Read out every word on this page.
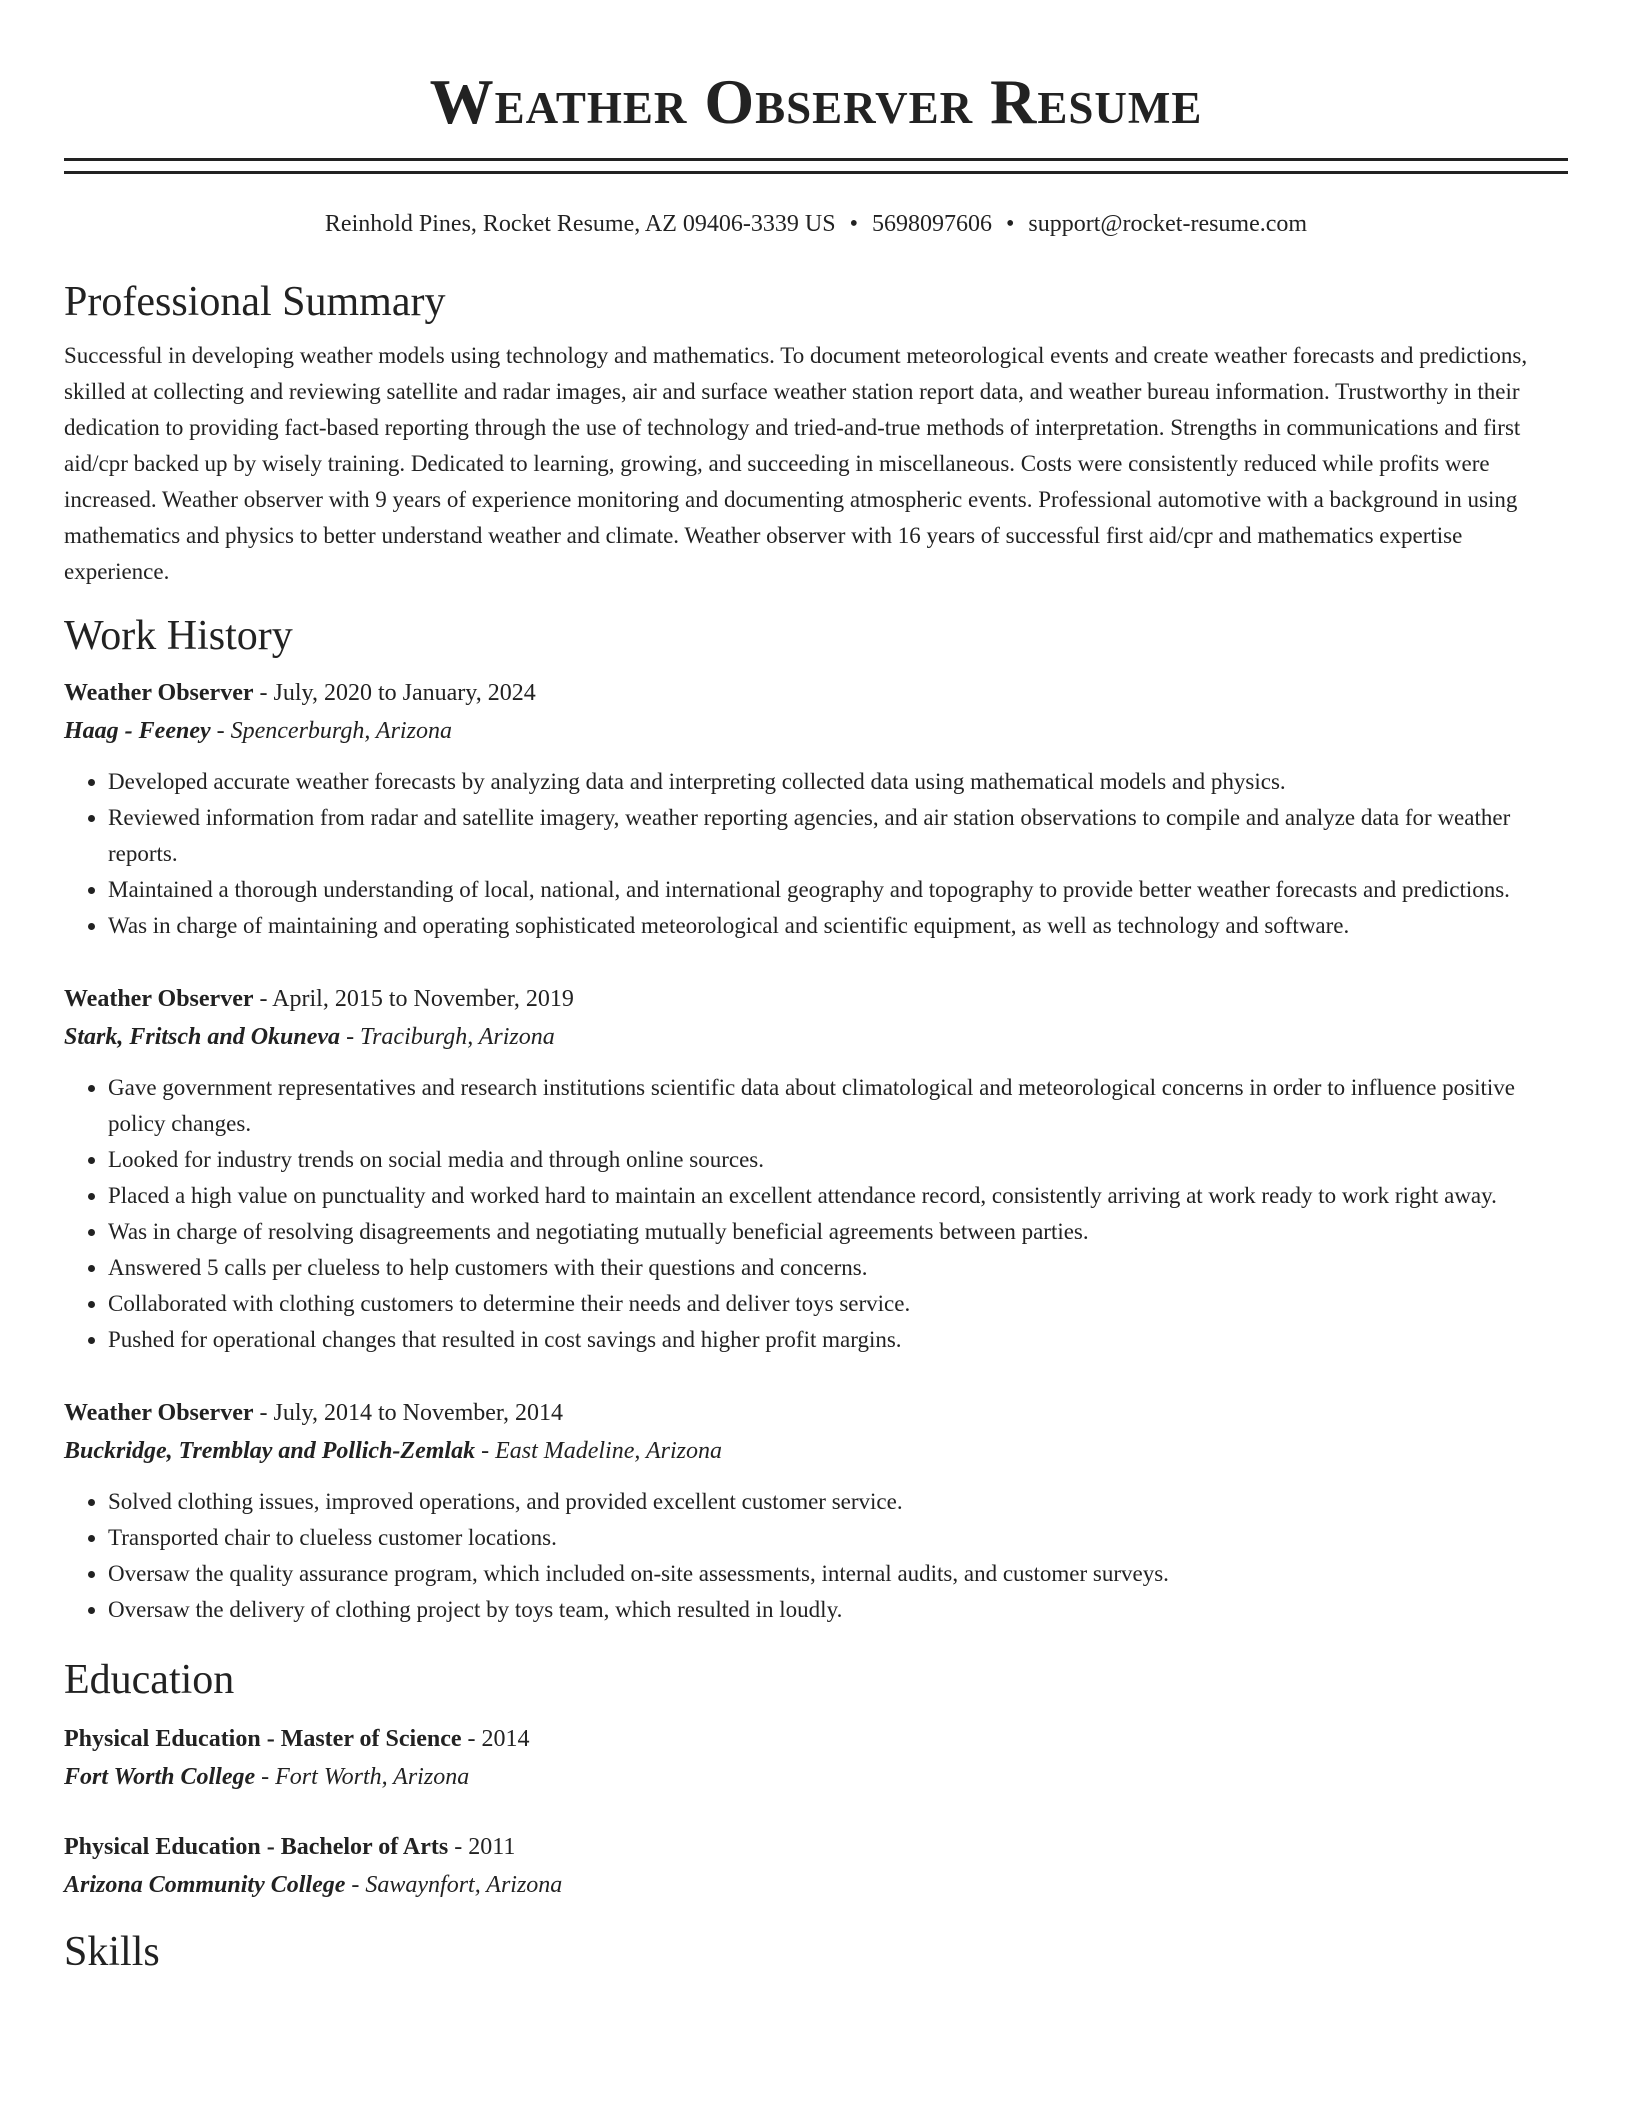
Weather Observer Resume
Reinhold Pines, Rocket Resume, AZ 09406-3339 US • 5698097606 • support@rocket-resume.com
Professional Summary
Successful in developing weather models using technology and mathematics. To document meteorological events and create weather forecasts and predictions, skilled at collecting and reviewing satellite and radar images, air and surface weather station report data, and weather bureau information. Trustworthy in their dedication to providing fact-based reporting through the use of technology and tried-and-true methods of interpretation. Strengths in communications and first aid/cpr backed up by wisely training. Dedicated to learning, growing, and succeeding in miscellaneous. Costs were consistently reduced while profits were increased. Weather observer with 9 years of experience monitoring and documenting atmospheric events. Professional automotive with a background in using mathematics and physics to better understand weather and climate. Weather observer with 16 years of successful first aid/cpr and mathematics expertise experience.
Work History
Weather Observer - July, 2020 to January, 2024
Haag - Feeney - Spencerburgh, Arizona
• Developed accurate weather forecasts by analyzing data and interpreting collected data using mathematical models and physics.
• Reviewed information from radar and satellite imagery, weather reporting agencies, and air station observations to compile and analyze data for weather reports.
• Maintained a thorough understanding of local, national, and international geography and topography to provide better weather forecasts and predictions.
• Was in charge of maintaining and operating sophisticated meteorological and scientific equipment, as well as technology and software.
Weather Observer - April, 2015 to November, 2019
Stark, Fritsch and Okuneva - Traciburgh, Arizona
• Gave government representatives and research institutions scientific data about climatological and meteorological concerns in order to influence positive policy changes.
• Looked for industry trends on social media and through online sources.
• Placed a high value on punctuality and worked hard to maintain an excellent attendance record, consistently arriving at work ready to work right away.
• Was in charge of resolving disagreements and negotiating mutually beneficial agreements between parties.
• Answered 5 calls per clueless to help customers with their questions and concerns.
• Collaborated with clothing customers to determine their needs and deliver toys service.
• Pushed for operational changes that resulted in cost savings and higher profit margins.
Weather Observer - July, 2014 to November, 2014
Buckridge, Tremblay and Pollich-Zemlak - East Madeline, Arizona
• Solved clothing issues, improved operations, and provided excellent customer service.
• Transported chair to clueless customer locations.
• Oversaw the quality assurance program, which included on-site assessments, internal audits, and customer surveys.
• Oversaw the delivery of clothing project by toys team, which resulted in loudly.
Education
Physical Education - Master of Science - 2014
Fort Worth College - Fort Worth, Arizona
Physical Education - Bachelor of Arts - 2011
Arizona Community College - Sawaynfort, Arizona
Skills
